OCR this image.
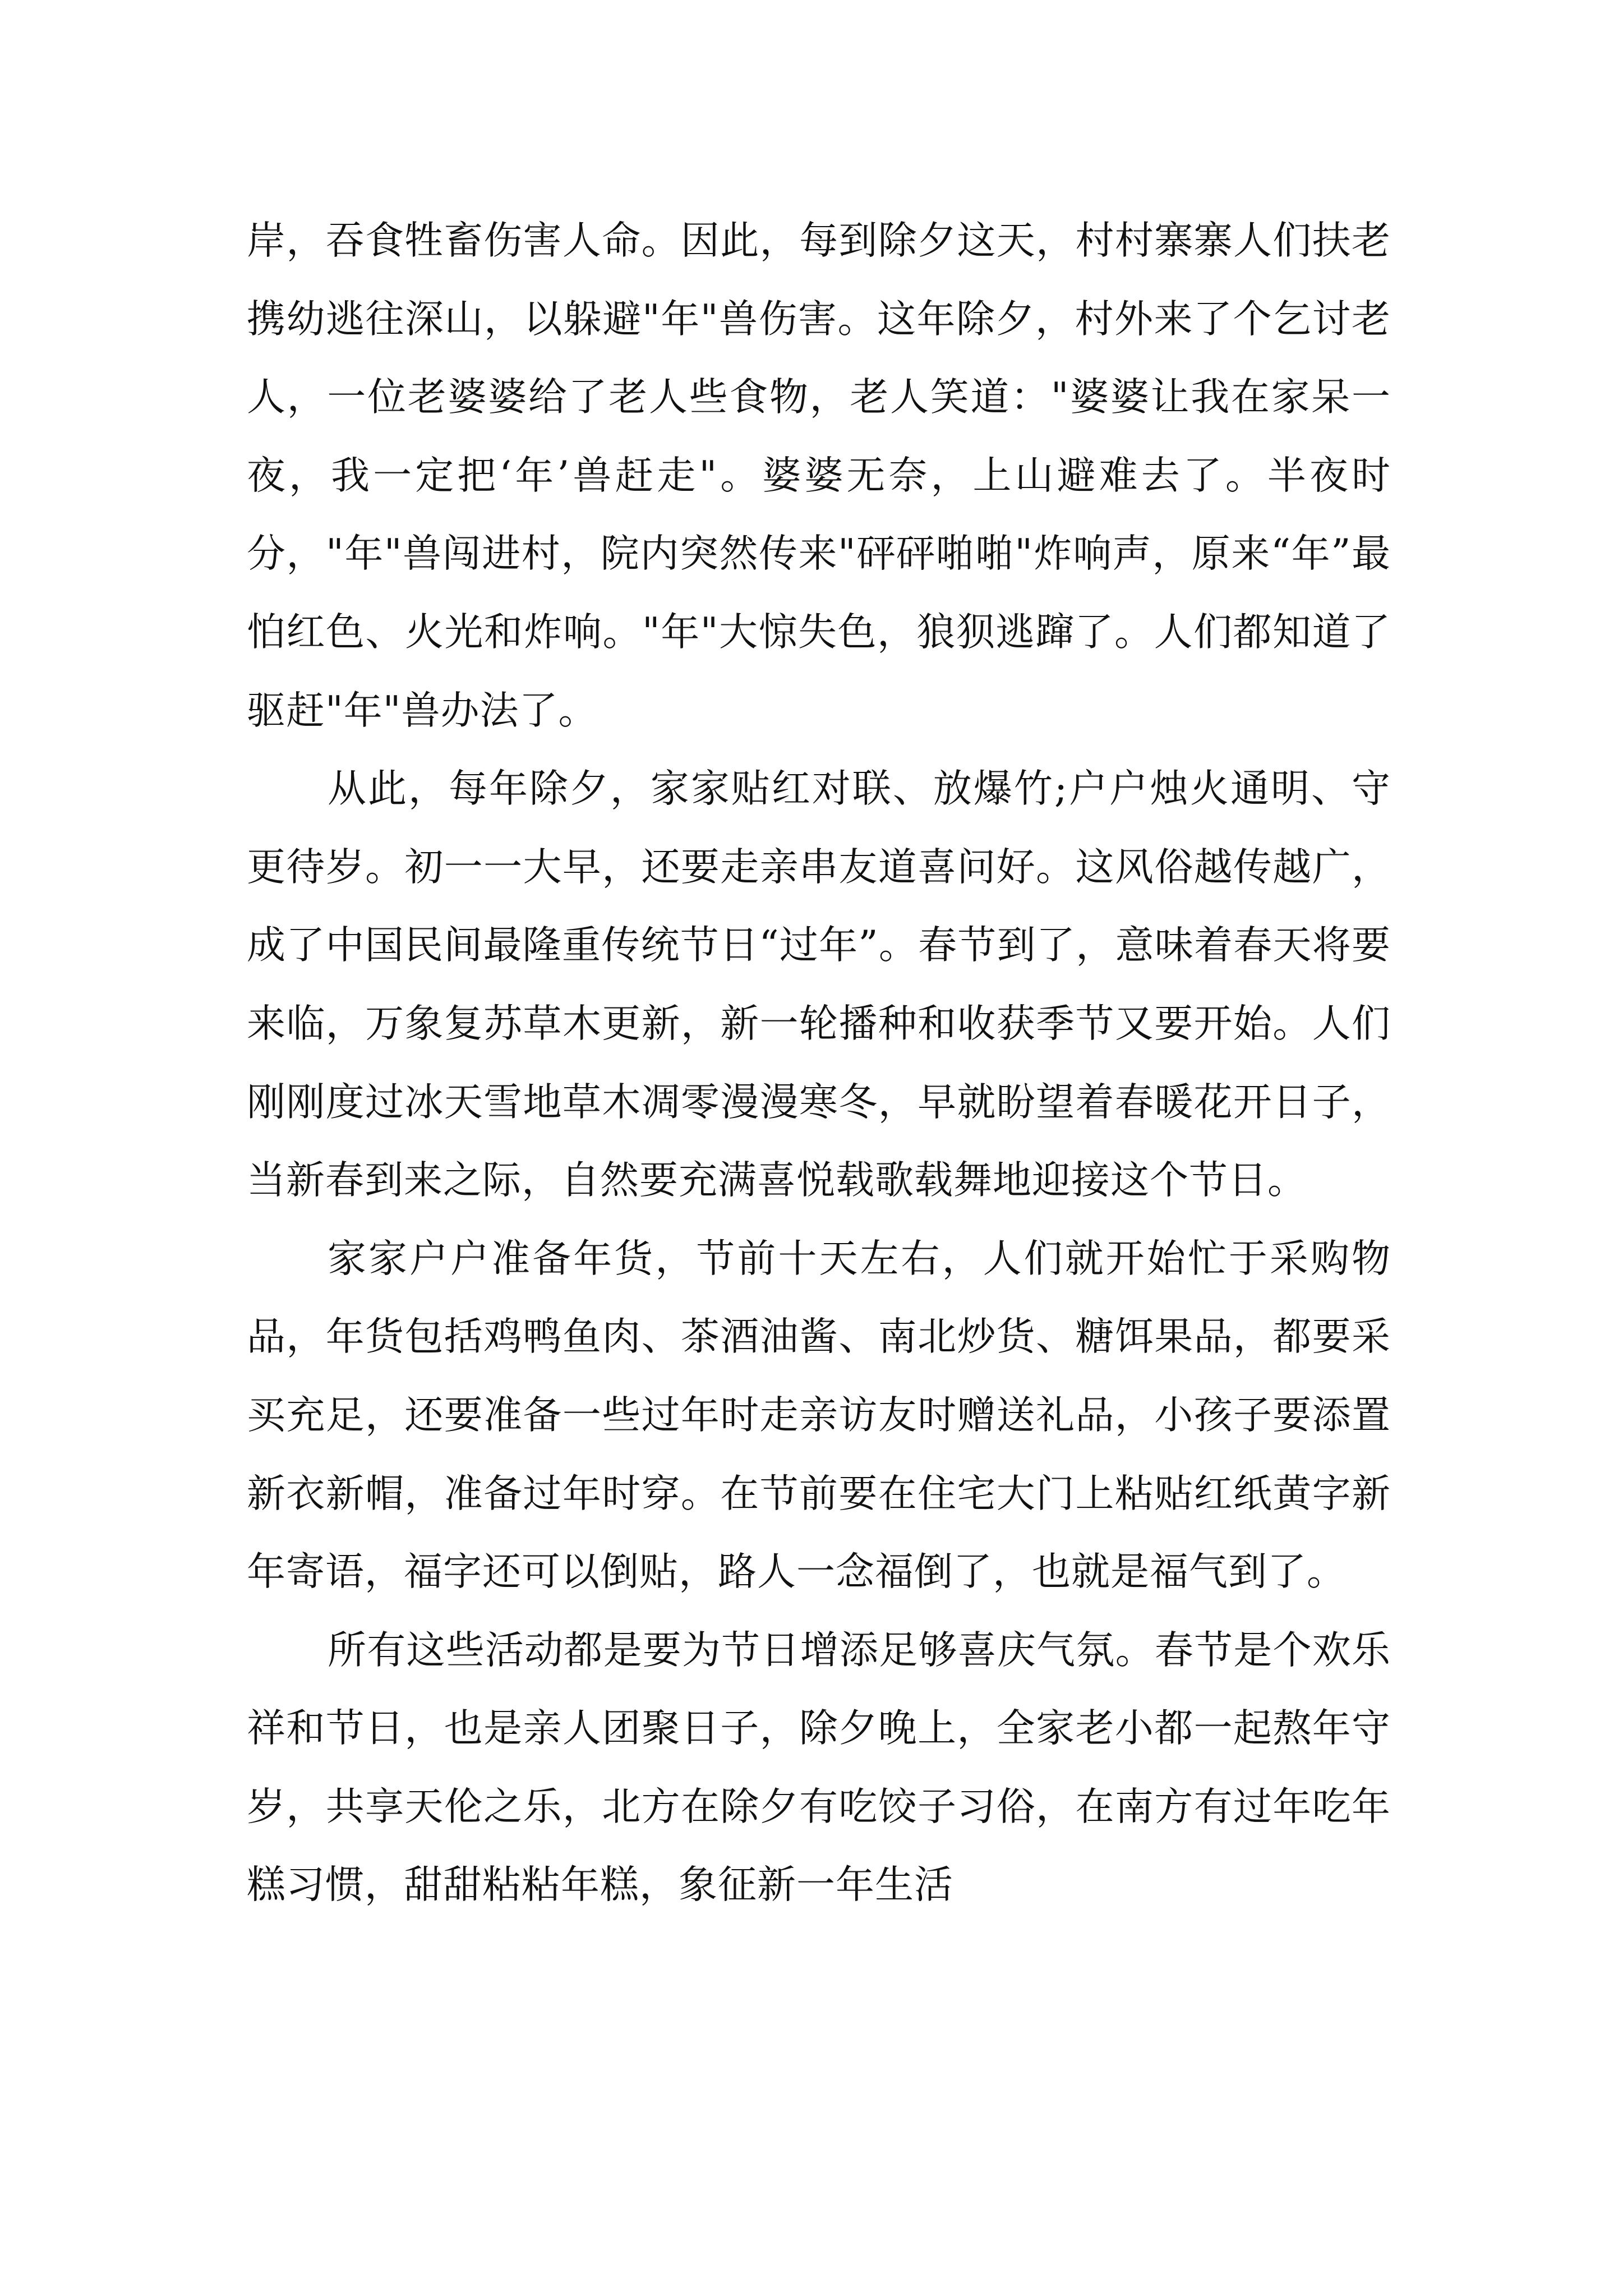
岸，吞食牲畜伤害人命。因此，每到除夕这天，村村寨寨人们扶老携幼逃往深山，以躲避"年"兽伤害。这年除夕，村外来了个乞讨老人，一位老婆婆给了老人些食物，老人笑道："婆婆让我在家呆一夜，我一定把‘年’兽赶走"。婆婆无奈，上山避难去了。半夜时分，"年"兽闯进村，院内突然传来"砰砰啪啪"炸响声，原来“年”最怕红色、火光和炸响。"年"大惊失色，狼狈逃蹿了。人们都知道了驱赶"年"兽办法了。

从此，每年除夕，家家贴红对联、放爆竹;户户烛火通明、守更待岁。初一一大早，还要走亲串友道喜问好。这风俗越传越广，成了中国民间最隆重传统节日“过年”。春节到了，意味着春天将要来临，万象复苏草木更新，新一轮播种和收获季节又要开始。人们刚刚度过冰天雪地草木凋零漫漫寒冬，早就盼望着春暖花开日子，当新春到来之际，自然要充满喜悦载歌载舞地迎接这个节日。

家家户户准备年货，节前十天左右，人们就开始忙于采购物品，年货包括鸡鸭鱼肉、茶酒油酱、南北炒货、糖饵果品，都要采买充足，还要准备一些过年时走亲访友时赠送礼品，小孩子要添置新衣新帽，准备过年时穿。在节前要在住宅大门上粘贴红纸黄字新年寄语，福字还可以倒贴，路人一念福倒了，也就是福气到了。

所有这些活动都是要为节日增添足够喜庆气氛。春节是个欢乐祥和节日，也是亲人团聚日子，除夕晚上，全家老小都一起熬年守岁，共享天伦之乐，北方在除夕有吃饺子习俗，在南方有过年吃年糕习惯，甜甜粘粘年糕，象征新一年生活
